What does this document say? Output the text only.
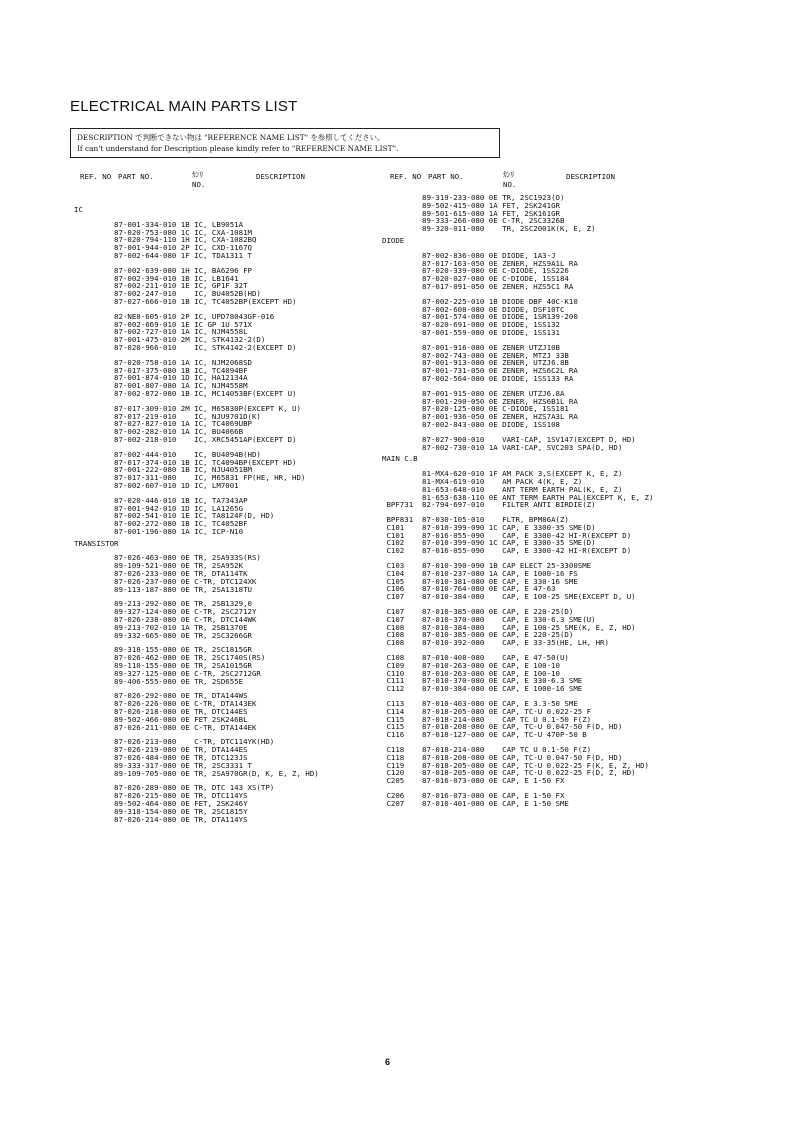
ELECTRICAL MAIN PARTS LIST
DESCRIPTION で判断できない物は "REFERENCE NAME LIST" を参照してください。
If can't understand for Description please kindly refer to "REFERENCE NAME LIST".
REF. NO PART NO.	ｶﾝﾘ
NO.
DESCRIPTION	REF. NO PART NO.	ｶﾝﾘ
NO.
DESCRIPTION
IC
87-001-334-010 1B IC, LB9051A
87-020-753-080 1C IC, CXA-1081M
87-020-794-110 1H IC, CXA-1082BQ
87-001-944-010 2P IC, CXD-1167Q
87-002-644-080 1F IC, TDA1311 T
87-002-639-080 1H IC, BA6296 FP
87-002-394-010 1B IC, LB1641
87-002-211-010 1E IC, GP1F 32T
87-002-247-010    IC, BU4052B(HD)
87-027-666-010 1B IC, TC4052BP(EXCEPT HD)
82-NE8-605-010 2P IC, UPD78043GF-016
87-002-669-010 1E IC GP 1U 571X
87-002-727-010 1A IC, NJM4558L
87-001-475-010 2M IC, STK4132-2(D)
87-020-966-010    IC, STK4142-2(EXCEPT D)
87-020-758-010 1A IC, NJM2068SD
87-017-375-080 1B IC, TC4094BF
87-001-874-010 1D IC, HA12134A
87-001-807-080 1A IC, NJM4558M
87-002-872-080 1B IC, MC14053BF(EXCEPT U)
87-017-309-010 2M IC, M65830P(EXCEPT K, U)
87-017-219-010    IC, NJU9701D(K)
87-027-827-010 1A IC, TC4069UBP
87-002-282-010 1A IC, BU4066B
87-002-218-010    IC, XRC5451AP(EXCEPT D)
87-002-444-010    IC, BU4094B(HD)
87-017-374-010 1B IC, TC4094BP(EXCEPT HD)
87-001-222-080 1B IC, NJU4051BM
87-017-311-080    IC, M65831 FP(HE, HR, HD)
87-002-607-010 1D IC, LM7001
87-020-446-010 1B IC, TA7343AP
87-001-942-010 1D IC, LA1265G
87-002-541-010 1E IC, TA8124F(D, HD)
87-002-272-080 1B IC, TC4052BF
87-001-196-080 1A IC, ICP-N10
TRANSISTOR
87-026-463-080 0E TR, 2SA933S(RS)
89-109-521-080 0E TR, 2SA952K
87-026-233-080 0E TR, DTA114TK
87-026-237-080 0E C-TR, DTC124XK
89-113-187-880 0E TR, 2SA1318TU
89-213-292-080 0E TR, 2SB1329,0
89-327-124-080 0E C-TR, 2SC2712Y
87-026-238-080 0E C-TR, DTC144WK
89-213-702-010 1A TR, 2SB1370E
89-332-665-080 0E TR, 2SC3266GR
89-318-155-080 0E TR, 2SC1815GR
87-026-462-080 0E TR, 2SC1740S(RS)
89-110-155-080 0E TR, 2SA1015GR
89-327-125-080 0E C-TR, 2SC2712GR
89-406-555-080 0E TR, 2SD655E
87-026-292-080 0E TR, DTA144WS
87-026-226-080 0E C-TR, DTA143EK
87-026-218-080 0E TR, DTC144ES
89-502-466-080 0E FET 2SK246BL
87-026-211-080 0E C-TR, DTA144EK
87-026-213-080    C-TR, DTC114YK(HD)
87-026-219-080 0E TR, DTA144ES
87-026-484-080 0E TR, DTC123JS
89-333-317-080 0E TR, 2SC3331 T
89-109-705-080 0E TR, 2SA970GR(D, K, E, Z, HD)
87-026-289-080 0E TR, DTC 143 XS(TP)
87-026-215-080 0E TR, DTC114YS
89-502-464-080 0E FET, 2SK246Y
89-318-154-080 0E TR, 2SC1815Y
87-026-214-080 0E TR, DTA114YS
89-319-233-080 0E TR, 2SC1923(O)
89-502-415-080 1A FET, 2SK241GR
89-501-615-080 1A FET, 2SK161GR
89-333-266-080 0E C-TR, 2SC3326B
89-320-011-080    TR, 2SC2001K(K, E, Z)
DIODE
87-002-836-080 0E DIODE, 1A3-J
87-017-163-050 0E ZENER, HZS9A1L RA
87-020-339-080 0E C-DIODE, 1SS226
87-020-027-080 0E C-DIODE, 1SS184
87-017-091-050 0E ZENER, HZS5C1 RA
87-002-225-010 1B DIODE DBF 40C-K10
87-002-608-080 0E DIODE, DSF10TC
87-001-574-080 0E DIODE, 1SR139-200
87-020-691-080 0E DIODE, 1SS132
87-001-559-080 0E DIODE, 1SS131
87-001-916-080 0E ZENER UTZJ10B
87-002-743-080 0E ZENER, MTZJ 33B
87-001-913-080 0E ZENER, UTZJ6.8B
87-001-731-050 0E ZENER, HZS6C2L RA
87-002-564-080 0E DIODE, 1SS133 RA
87-001-915-080 0E ZENER UTZJ6.8A
87-001-290-050 0E ZENER, HZS6B1L RA
87-020-125-080 0E C-DIODE, 1SS181
87-001-936-050 0E ZENER, HZS7A3L RA
87-002-843-080 0E DIODE, 1SS108
87-027-900-010    VARI-CAP, 1SV147(EXCEPT D, HD)
87-002-730-010 1A VARI-CAP, SVC203 SPA(D, HD)
MAIN C.B
81-MX4-620-010 1F AM PACK 3,S(EXCEPT K, E, Z)
81-MX4-619-010    AM PACK 4(K, E, Z)
81-653-648-010    ANT TERM EARTH PAL(K, E, Z)
81-653-638-110 0E ANT TERM EARTH PAL(EXCEPT K, E, Z)
BPF731  82-794-697-010    FILTER ANTI BIRDIE(Z)
BPF831  87-030-105-010    FLTR, BPM86A(Z)
C101    87-010-399-090 1C CAP, E 3300-35 SME(D)
C101    87-016-055-090    CAP, E 3300-42 HI-R(EXCEPT D)
C102    87-010-399-090 1C CAP, E 3300-35 SME(D)
C102    87-016-055-090    CAP, E 3300-42 HI-R(EXCEPT D)
C103    87-010-390-090 1B CAP ELECT 25-3300SME
C104    87-010-237-080 1A CAP, E 1000-16 FS
C105    87-010-381-080 0E CAP, E 330-16 SME
C106    87-010-764-080 0E CAP, E 47-63
C107    87-010-384-080    CAP, E 100-25 SME(EXCEPT D, U)
C107    87-010-385-080 0E CAP, E 220-25(D)
C107    87-010-370-080    CAP, E 330-6.3 SME(U)
C108    87-010-384-080    CAP, E 100-25 SME(K, E, Z, HD)
C108    87-010-385-080 0E CAP, E 220-25(D)
C108    87-010-392-080    CAP, E 33-35(HE, LH, HR)
C108    87-010-408-080    CAP, E 47-50(U)
C109    87-010-263-080 0E CAP, E 100-10
C110    87-010-263-080 0E CAP, E 100-10
C111    87-010-370-080 0E CAP, E 330-6.3 SME
C112    87-010-384-080 0E CAP, E 1000-16 SME
C113    87-010-403-080 0E CAP, E 3.3-50 SME
C114    87-018-205-080 0E CAP, TC-U 0.022-25 F
C115    87-018-214-080    CAP TC U 0.1-50 F(Z)
C115    87-018-208-080 0E CAP, TC-U 0.047-50 F(D, HD)
C116    87-018-127-080 0E CAP, TC-U 470P-50 B
C118    87-018-214-080    CAP TC U 0.1-50 F(Z)
C118    87-018-208-080 0E CAP, TC-U 0.047-50 F(D, HD)
C119    87-018-205-080 0E CAP, TC-U 0.022-25 F(K, E, Z, HD)
C120    87-018-205-080 0E CAP, TC-U 0.022-25 F(D, Z, HD)
C205    87-016-073-080 0E CAP, E 1-50 FX
C206    87-016-073-080 0E CAP, E 1-50 FX
C207    87-010-401-080 0E CAP, E 1-50 SME
6
